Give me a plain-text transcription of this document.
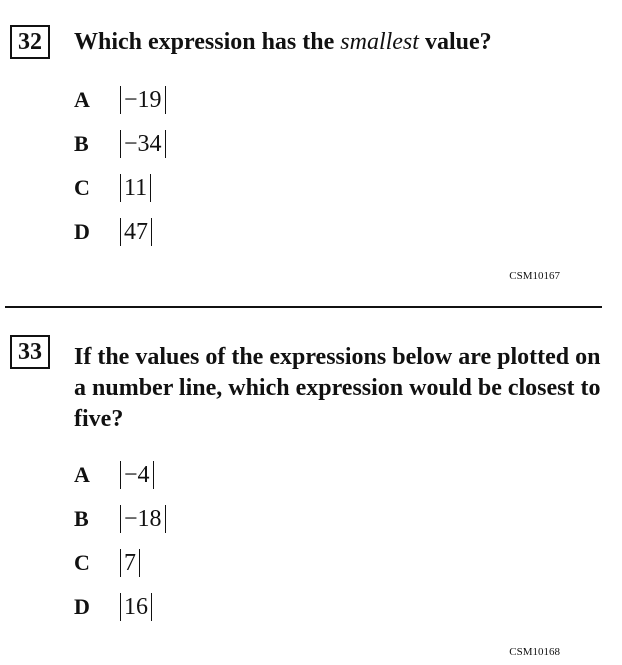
32	Which expression has the smallest value?
A	−19
B	−34
C	11
D	47
CSM10167
33	If the values of the expressions below are plotted on a number line, which expression would be closest to five?
A	−4
B	−18
C	7
D	16
CSM10168
